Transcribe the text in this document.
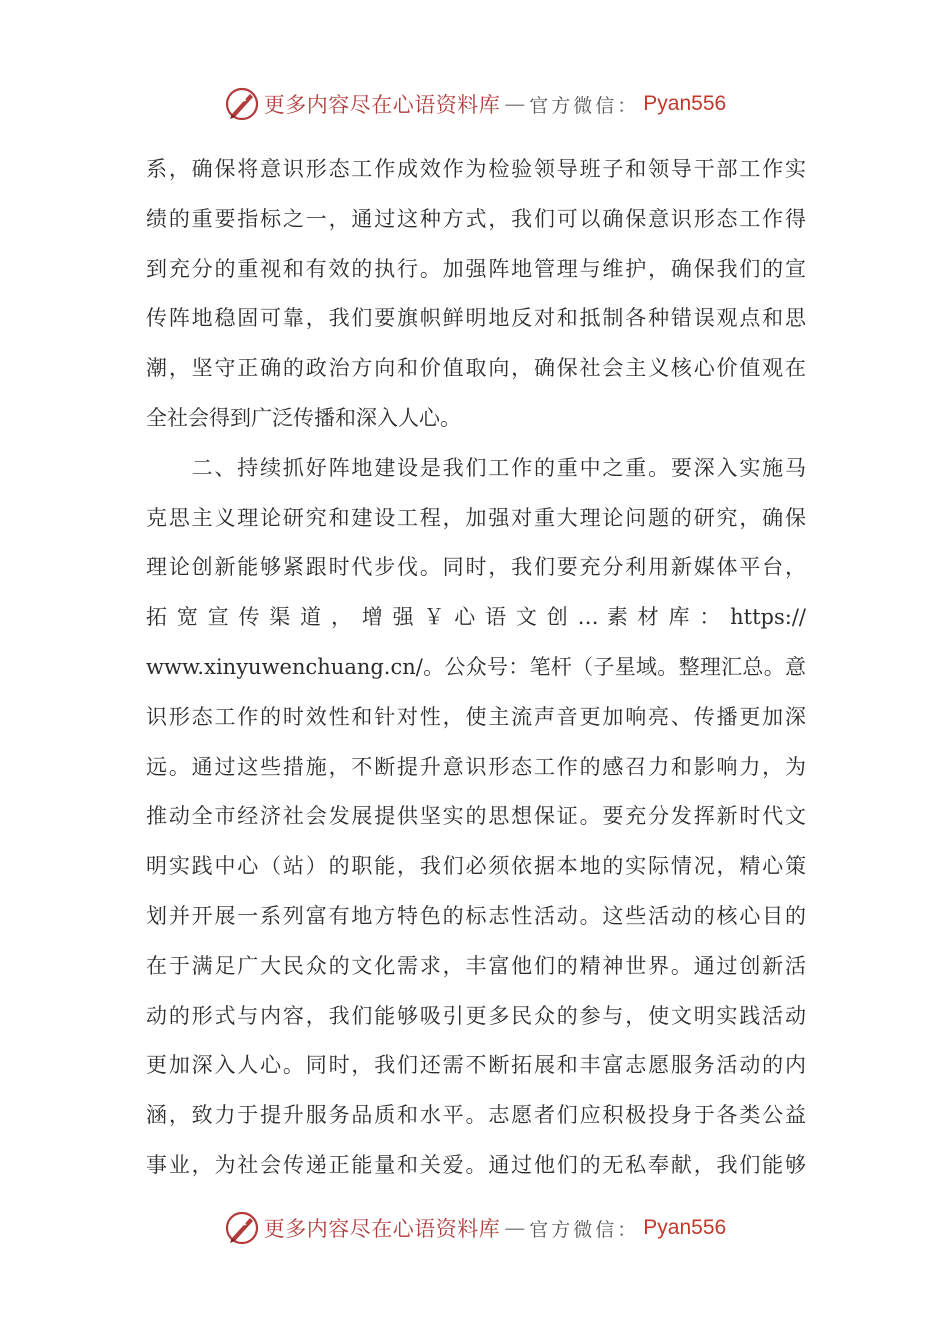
更多内容尽在心语资料库 — 官方微信： Pyan556
系，确保将意识形态工作成效作为检验领导班子和领导干部工作实
绩的重要指标之一，通过这种方式，我们可以确保意识形态工作得
到充分的重视和有效的执行。加强阵地管理与维护，确保我们的宣
传阵地稳固可靠，我们要旗帜鲜明地反对和抵制各种错误观点和思
潮，坚守正确的政治方向和价值取向，确保社会主义核心价值观在
全社会得到广泛传播和深入人心。
　　二、持续抓好阵地建设是我们工作的重中之重。要深入实施马
克思主义理论研究和建设工程，加强对重大理论问题的研究，确保
理论创新能够紧跟时代步伐。同时，我们要充分利用新媒体平台，
拓 宽 宣 传 渠 道 ， 增 强 ￥ 心 语 文 创 … 素 材 库 ： https://
www.xinyuwenchuang.cn/。公众号：笔杆（子星域。整理汇总。意
识形态工作的时效性和针对性，使主流声音更加响亮、传播更加深
远。通过这些措施，不断提升意识形态工作的感召力和影响力，为
推动全市经济社会发展提供坚实的思想保证。要充分发挥新时代文
明实践中心（站）的职能，我们必须依据本地的实际情况，精心策
划并开展一系列富有地方特色的标志性活动。这些活动的核心目的
在于满足广大民众的文化需求，丰富他们的精神世界。通过创新活
动的形式与内容，我们能够吸引更多民众的参与，使文明实践活动
更加深入人心。同时，我们还需不断拓展和丰富志愿服务活动的内
涵，致力于提升服务品质和水平。志愿者们应积极投身于各类公益
事业，为社会传递正能量和关爱。通过他们的无私奉献，我们能够
更多内容尽在心语资料库 — 官方微信： Pyan556
